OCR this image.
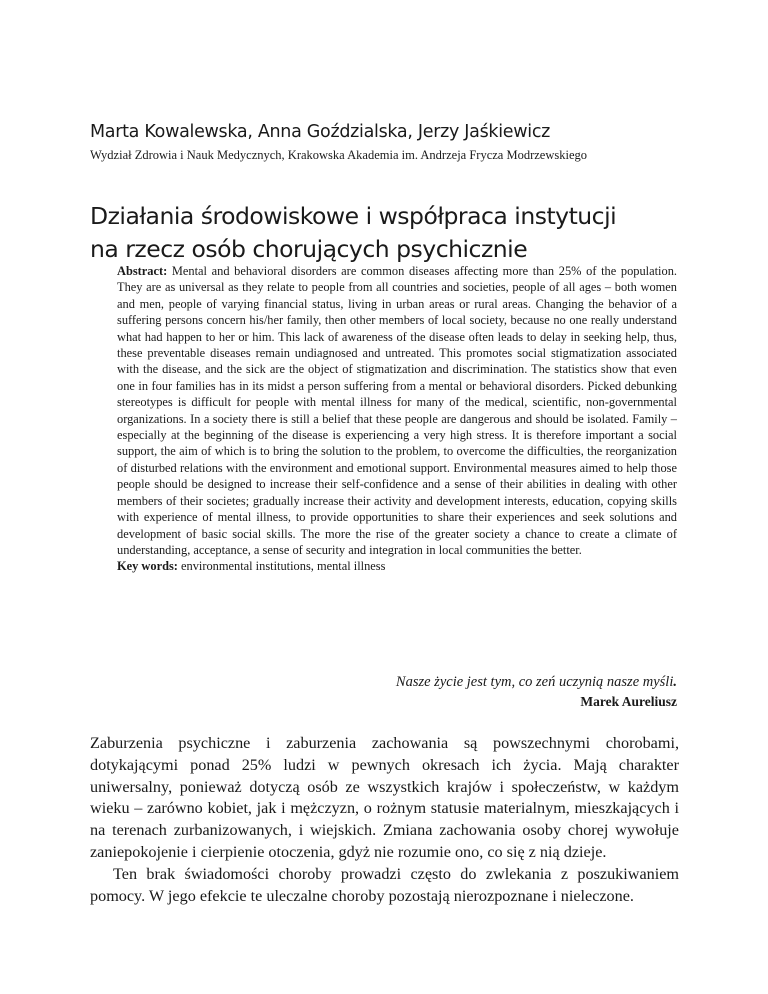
Marta Kowalewska, Anna Goździalska, Jerzy Jaśkiewicz
Wydział Zdrowia i Nauk Medycznych, Krakowska Akademia im. Andrzeja Frycza Modrzewskiego
Działania środowiskowe i współpraca instytucji
na rzecz osób chorujących psychicznie

Abstract: Mental and behavioral disorders are common diseases affecting more than 25% of the population. They are as universal as they relate to people from all countries and societies, people of all ages – both women and men, people of varying financial status, living in urban areas or rural areas. Changing the behavior of a suffering persons concern his/her family, then other members of local society, because no one really understand what had happen to her or him. This lack of awareness of the disease often leads to delay in seeking help, thus, these preventable diseases remain undiagnosed and untreated. This promotes social stigmatization associated with the disease, and the sick are the object of stigmatization and discrimination. The statistics show that even one in four families has in its midst a person suffering from a mental or behavioral disorders. Picked debunking stereotypes is difficult for people with mental illness for many of the medical, scientific, non-governmental organizations. In a society there is still a belief that these people are dangerous and should be isolated. Family – especially at the beginning of the disease is experiencing a very high stress. It is therefore important a social support, the aim of which is to bring the solution to the problem, to overcome the difficulties, the reorganization of disturbed relations with the environment and emotional support. Environmental measures aimed to help those people should be designed to increase their self-confidence and a sense of their abilities in dealing with other members of their societes; gradually increase their activity and development interests, education, copying skills with experience of mental illness, to provide opportunities to share their experiences and seek solutions and development of basic social skills. The more the rise of the greater society a chance to create a climate of understanding, acceptance, a sense of security and integration in local communities the better.

Key words: environmental institutions, mental illness

Nasze życie jest tym, co zeń uczynią nasze myśli.
Marek Aureliusz

Zaburzenia psychiczne i zaburzenia zachowania są powszechnymi chorobami, dotykającymi ponad 25% ludzi w pewnych okresach ich życia. Mają charakter uniwersalny, ponieważ dotyczą osób ze wszystkich krajów i społeczeństw, w każdym wieku – zarówno kobiet, jak i mężczyzn, o rożnym statusie materialnym, mieszkających i na terenach zurbanizowanych, i wiejskich. Zmiana zachowania osoby chorej wywołuje zaniepokojenie i cierpienie otoczenia, gdyż nie rozumie ono, co się z nią dzieje.

Ten brak świadomości choroby prowadzi często do zwlekania z poszukiwaniem pomocy. W jego efekcie te uleczalne choroby pozostają nierozpoznane i nieleczone.
